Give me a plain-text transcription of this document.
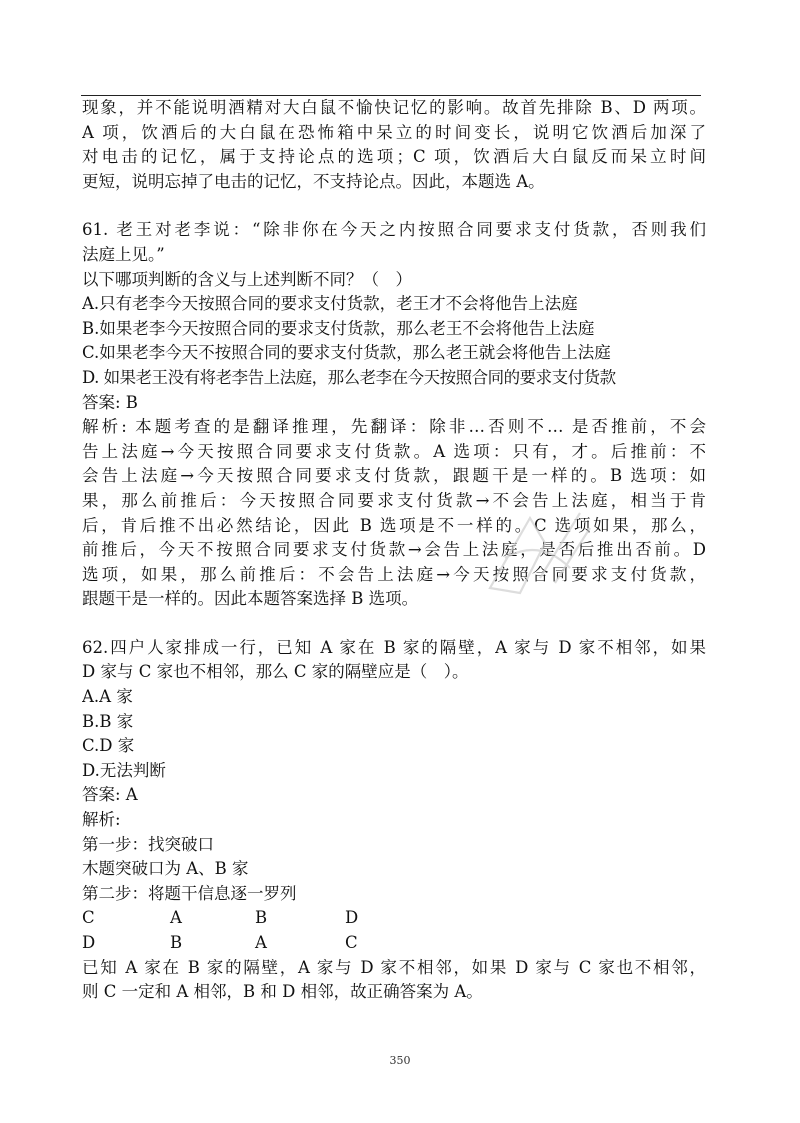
现象，并不能说明酒精对大白鼠不愉快记忆的影响。故首先排除 B、D 两项。
A 项，饮酒后的大白鼠在恐怖箱中呆立的时间变长，说明它饮酒后加深了
对电击的记忆，属于支持论点的选项；C 项，饮酒后大白鼠反而呆立时间
更短，说明忘掉了电击的记忆，不支持论点。因此，本题选 A。
61. 老王对老李说：“除非你在今天之内按照合同要求支付货款，否则我们
法庭上见。”
以下哪项判断的含义与上述判断不同？（　）
A.只有老李今天按照合同的要求支付货款，老王才不会将他告上法庭
B.如果老李今天按照合同的要求支付货款，那么老王不会将他告上法庭
C.如果老李今天不按照合同的要求支付货款，那么老王就会将他告上法庭
D. 如果老王没有将老李告上法庭，那么老李在今天按照合同的要求支付货款
答案: B
解析: 本题考查的是翻译推理，先翻译：除非…否则不… 是否推前，不会
告上法庭→今天按照合同要求支付货款。A 选项：只有，才。后推前：不
会告上法庭→今天按照合同要求支付货款，跟题干是一样的。B 选项：如
果，那么前推后：今天按照合同要求支付货款→不会告上法庭，相当于肯
后，肯后推不出必然结论，因此 B 选项是不一样的。C 选项如果，那么，
前推后，今天不按照合同要求支付货款→会告上法庭，是否后推出否前。D
选项，如果，那么前推后：不会告上法庭→今天按照合同要求支付货款，
跟题干是一样的。因此本题答案选择 B 选项。
62.四户人家排成一行，已知 A 家在 B 家的隔壁，A 家与 D 家不相邻，如果
D 家与 C 家也不相邻，那么 C 家的隔壁应是（　）。
A.A 家
B.B 家
C.D 家
D.无法判断
答案: A
解析:
第一步：找突破口
木题突破口为 A、B 家
第二步：将题干信息逐一罗列
C	A	B	D
D	B	A	C
已知 A 家在 B 家的隔壁，A 家与 D 家不相邻，如果 D 家与 C 家也不相邻，
则 C 一定和 A 相邻，B 和 D 相邻，故正确答案为 A。
350
